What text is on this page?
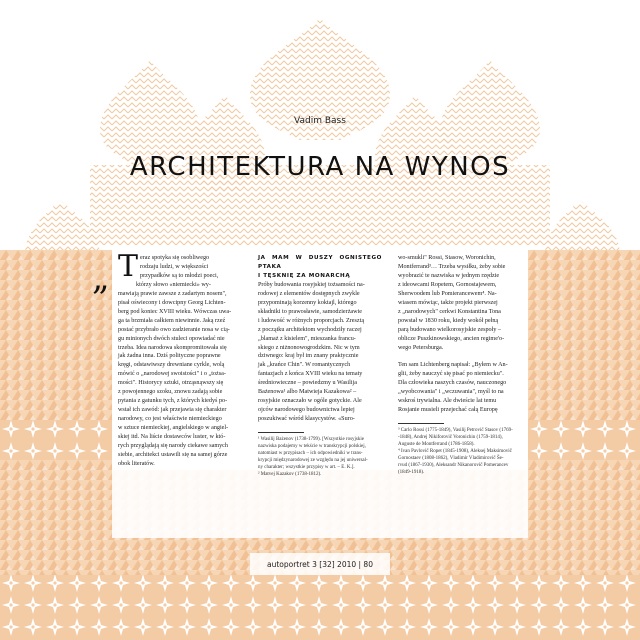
Vadim Bass
ARCHITEKTURA NA WYNOS
„ T eraz spotyka się osobliwego

rodzaju ludzi, w większości

przypadków są to młodzi poeci,

którzy słowo «niemiecki» wy-

mawiają prawie zawsze z zadartym nosem",

pisał oświecony i dowcipny Georg Lichten-

berg pod koniec XVIII wieku. Wówczas uwa-

ga ta brzmiała całkiem niewinnie. Jaką rzeź

postać przybrało owo zadzieranie nosa w cią-

gu minionych dwóch stuleci opowiadać nie

trzeba. Idea narodowa skompromitowała się

jak żadna inna. Dziś polityczne poprawne

kręgi, odstawiwszy drewniane cyrkle, wolą

mówić o „narodowej swoistości" i o „tożsa-

mości". Historycy sztuki, otrząsnąwszy się

z powojennego szoku, znowu zadają sobie

pytania z gatunku tych, z których kiedyś po-

wstał ich zawód: jak przejawia się charakter

narodowy, co jest właściwie niemieckiego

w sztuce niemieckiej, angielskiego w angiel-

skiej itd. Na liście dostawców luster, w któ-

rych przyglądają się narody ciekawe samych

siebie, architekci ustawili się na samej górze

obok literatów.

JA MAM W DUSZY OGNISTEGO PTAKA

I TĘSKNIĘ ZA MONARCHĄ

Próby budowania rosyjskiej tożsamości na-

rodowej z elementów dostępnych zwykle

przypominają korzenny koktajl, którego

składniki to prawosławie, samodzierżawie

i ludowość w różnych proporcjach. Zresztą

z początku architektom wychodziły raczej

„blamaż z kisielem", mieszanka francu-

skiego z niżnonowogrodzkim. Nic w tym

dziwnego: kraj był im znany praktycznie

jak „krańce Chin". W romantycznych

fantazjach z końca XVIII wieku na tematy

średniowieczne – powiedzmy u Wasilija

Bażenowa¹ albo Matwieja Kazakowa² –

rosyjskie oznaczało w ogóle gotyckie. Ale

ojców narodowego budownictwa lepiej

poszukiwać wśród klasycystów. «Suro-

¹ Wasilij Bażenov (1738-1799). [Wszystkie rosyjskie

nazwiska podajemy w tekście w transkrypcji polskiej,

natomiast w przypisach – ich odpowiedniki w trans-

krypcji międzynarodowej ze względu na jej uniwersal-

ny charakter; wszystkie przypisy w art. – E. K.].

² Matvej Kazakov (1738-1812).

wo-smukli" Rossi, Stasow, Woronichin,

Montferrand³… Trzeba wysiłku, żeby sobie

wyobrazić te nazwiska w jednym rzędzie

z ideowcami Ropetem, Gornostajewem,

Sherwoodem lub Pomierancewem⁴. Na-

wiasem mówiąc, także projekt pierwszej

z „narodowych" cerkwi Konstantina Tona

powstał w 1830 roku, kiedy wokół pełną

parą budowano wielkorosyjskie zespoły –

oblicze Puszkinowskiego, ancien regime'o-

wego Petersburga.

Ten sam Lichtenberg napisał: „Byłem w An-

glii, żeby nauczyć się pisać po niemiecku".

Dla człowieka naszych czasów, nauczonego

„wyobcowania" i „wczuwania", myśl to na

wskroś trywialna. Ale dwieście lat temu

Rosjanie musieli przejechać całą Europę

³ Carlo Rossi (1775-1849), Vasilij Petrovič Stasov (1769-

-1848), Andrej Nikiforovič Voronichin (1759-1814),

Auguste de Montferrand (1786-1858).

⁴ Ivan Pavlovič Ropet (1845-1908), Aleksej Maksimovič

Gornostaev (1808-1862), Vladimir Vladimirovič Še-

rvud (1867-1930), Aleksandr Nikanorovič Pomerancev

(1849-1918).

autoportret 3 [32] 2010 | 80
